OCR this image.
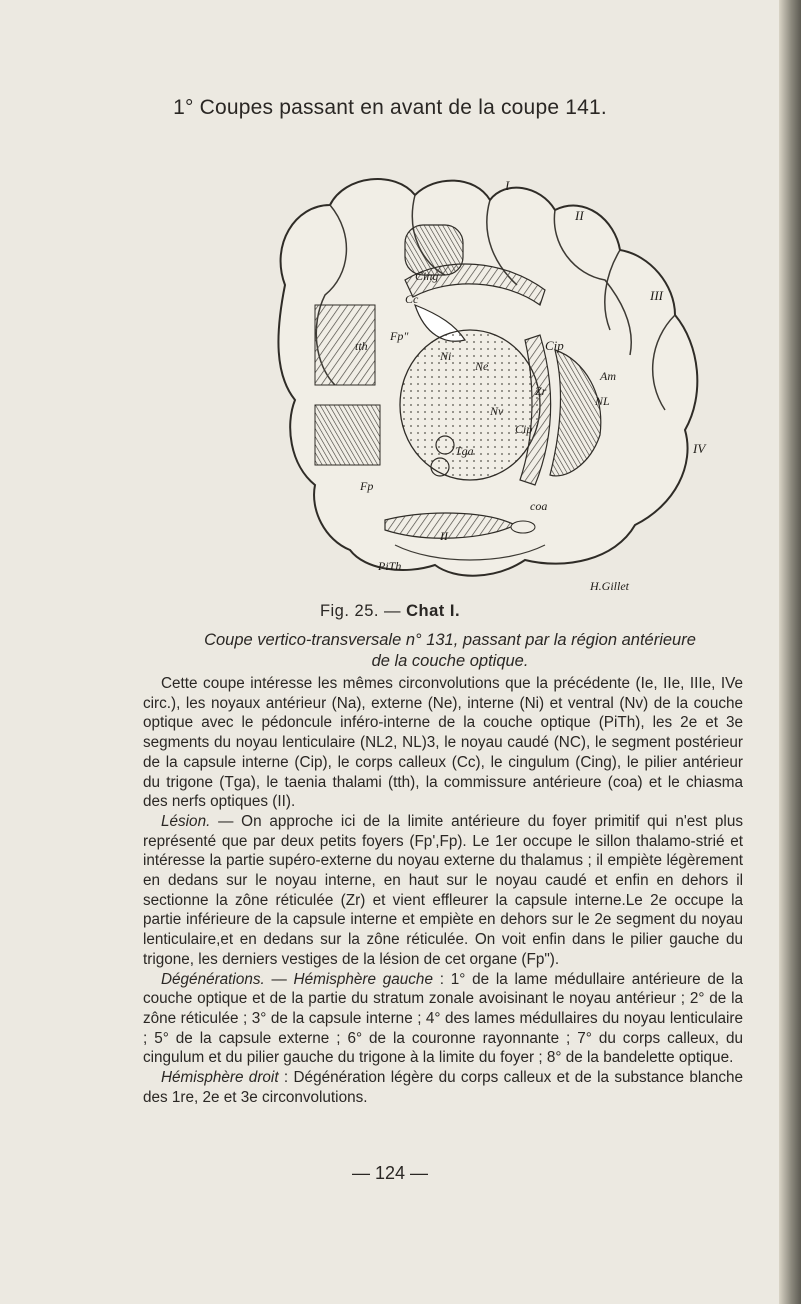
1° Coupes passant en avant de la coupe 141.
I
II
III
IV
Cing
Cc
Fp"
tth
Ni
Ne
Cip
Zr
Am
NL
Nv
Cip
Tga
coa
Fp
II
PiTh
H.Gillet
Fig. 25. — Chat I.
Coupe vertico-transversale n° 131, passant par la région antérieure
de la couche optique.

Cette coupe intéresse les mêmes circonvolutions que la précédente (Ie, IIe, IIIe, IVe circ.), les noyaux antérieur (Na), externe (Ne), interne (Ni) et ventral (Nv) de la couche optique avec le pédoncule inféro-interne de la couche optique (PiTh), les 2e et 3e segments du noyau lenticulaire (NL2, NL)3, le noyau caudé (NC), le segment postérieur de la capsule interne (Cip), le corps calleux (Cc), le cingulum (Cing), le pilier antérieur du trigone (Tga), le taenia thalami (tth), la commissure antérieure (coa) et le chiasma des nerfs optiques (II).

Lésion. — On approche ici de la limite antérieure du foyer primitif qui n'est plus représenté que par deux petits foyers (Fp',Fp). Le 1er occupe le sillon thalamo-strié et intéresse la partie supéro-externe du noyau externe du thalamus ; il empiète légèrement en dedans sur le noyau interne, en haut sur le noyau caudé et enfin en dehors il sectionne la zône réticulée (Zr) et vient effleurer la capsule interne.Le 2e occupe la partie inférieure de la capsule interne et empiète en dehors sur le 2e segment du noyau lenticulaire,et en dedans sur la zône réticulée. On voit enfin dans le pilier gauche du trigone, les derniers vestiges de la lésion de cet organe (Fp").

Dégénérations. — Hémisphère gauche : 1° de la lame médullaire antérieure de la couche optique et de la partie du stratum zonale avoisinant le noyau antérieur ; 2° de la zône réticulée ; 3° de la capsule interne ; 4° des lames médullaires du noyau lenticulaire ; 5° de la capsule externe ; 6° de la couronne rayonnante ; 7° du corps calleux, du cingulum et du pilier gauche du trigone à la limite du foyer ; 8° de la bandelette optique.

Hémisphère droit : Dégénération légère du corps calleux et de la substance blanche des 1re, 2e et 3e circonvolutions.

— 124 —
